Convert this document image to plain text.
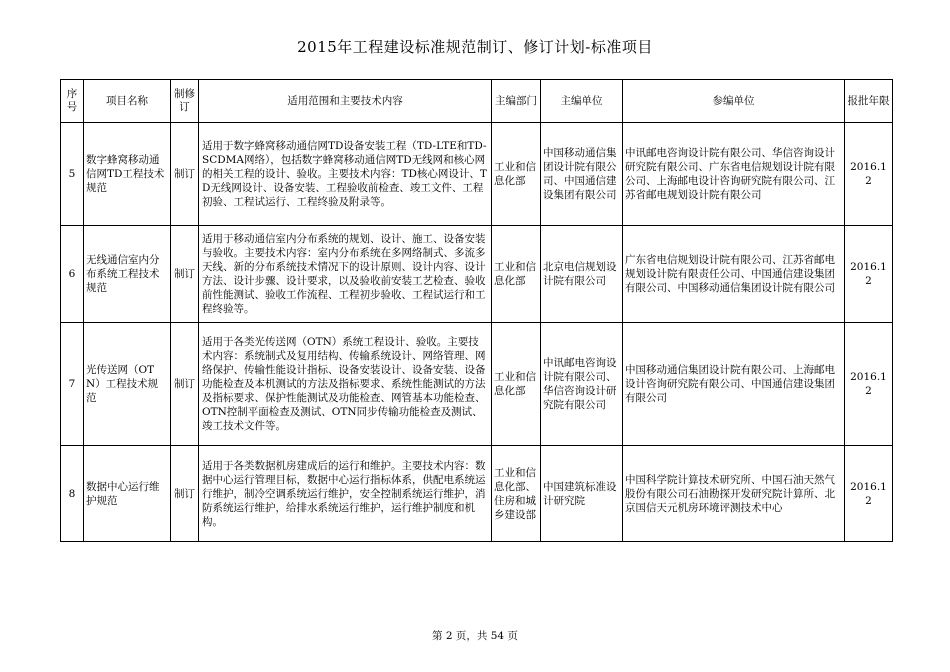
2015年工程建设标准规范制订、修订计划-标准项目
序号	项目名称	制修订	适用范围和主要技术内容	主编部门	主编单位	参编单位	报批年限
5	数字蜂窝移动通信网TD工程技术规范	制订	适用于数字蜂窝移动通信网TD设备安装工程（TD-LTE和TD-SCDMA网络），包括数字蜂窝移动通信网TD无线网和核心网的相关工程的设计、验收。主要技术内容：TD核心网设计、TD无线网设计、设备安装、工程验收前检查、竣工文件、工程初验、工程试运行、工程终验及附录等。	工业和信息化部	中国移动通信集团设计院有限公司、中国通信建设集团有限公司	中讯邮电咨询设计院有限公司、华信咨询设计研究院有限公司、广东省电信规划设计院有限公司、上海邮电设计咨询研究院有限公司、江苏省邮电规划设计院有限公司	2016.12
6	无线通信室内分布系统工程技术规范	制订	适用于移动通信室内分布系统的规划、设计、施工、设备安装与验收。主要技术内容：室内分布系统在多网络制式、多流多天线、新的分布系统技术情况下的设计原则、设计内容、设计方法、设计步骤、设计要求，以及验收前安装工艺检查、验收前性能测试、验收工作流程、工程初步验收、工程试运行和工程终验等。	工业和信息化部	北京电信规划设计院有限公司	广东省电信规划设计院有限公司、江苏省邮电规划设计院有限责任公司、中国通信建设集团有限公司、中国移动通信集团设计院有限公司	2016.12
7	光传送网（OTN）工程技术规范	制订	适用于各类光传送网（OTN）系统工程设计、验收。主要技术内容：系统制式及复用结构、传输系统设计、网络管理、网络保护、传输性能设计指标、设备安装设计、设备安装、设备功能检查及本机测试的方法及指标要求、系统性能测试的方法及指标要求、保护性能测试及功能检查、网管基本功能检查、OTN控制平面检查及测试、OTN同步传输功能检查及测试、竣工技术文件等。	工业和信息化部	中讯邮电咨询设计院有限公司、华信咨询设计研究院有限公司	中国移动通信集团设计院有限公司、上海邮电设计咨询研究院有限公司、中国通信建设集团有限公司	2016.12
8	数据中心运行维护规范	制订	适用于各类数据机房建成后的运行和维护。主要技术内容：数据中心运行管理目标，数据中心运行指标体系，供配电系统运行维护，制冷空调系统运行维护，安全控制系统运行维护，消防系统运行维护，给排水系统运行维护，运行维护制度和机构。	工业和信息化部、住房和城乡建设部	中国建筑标准设计研究院	中国科学院计算技术研究所、中国石油天然气股份有限公司石油勘探开发研究院计算所、北京国信天元机房环境评测技术中心	2016.12
第 2 页，共 54 页
